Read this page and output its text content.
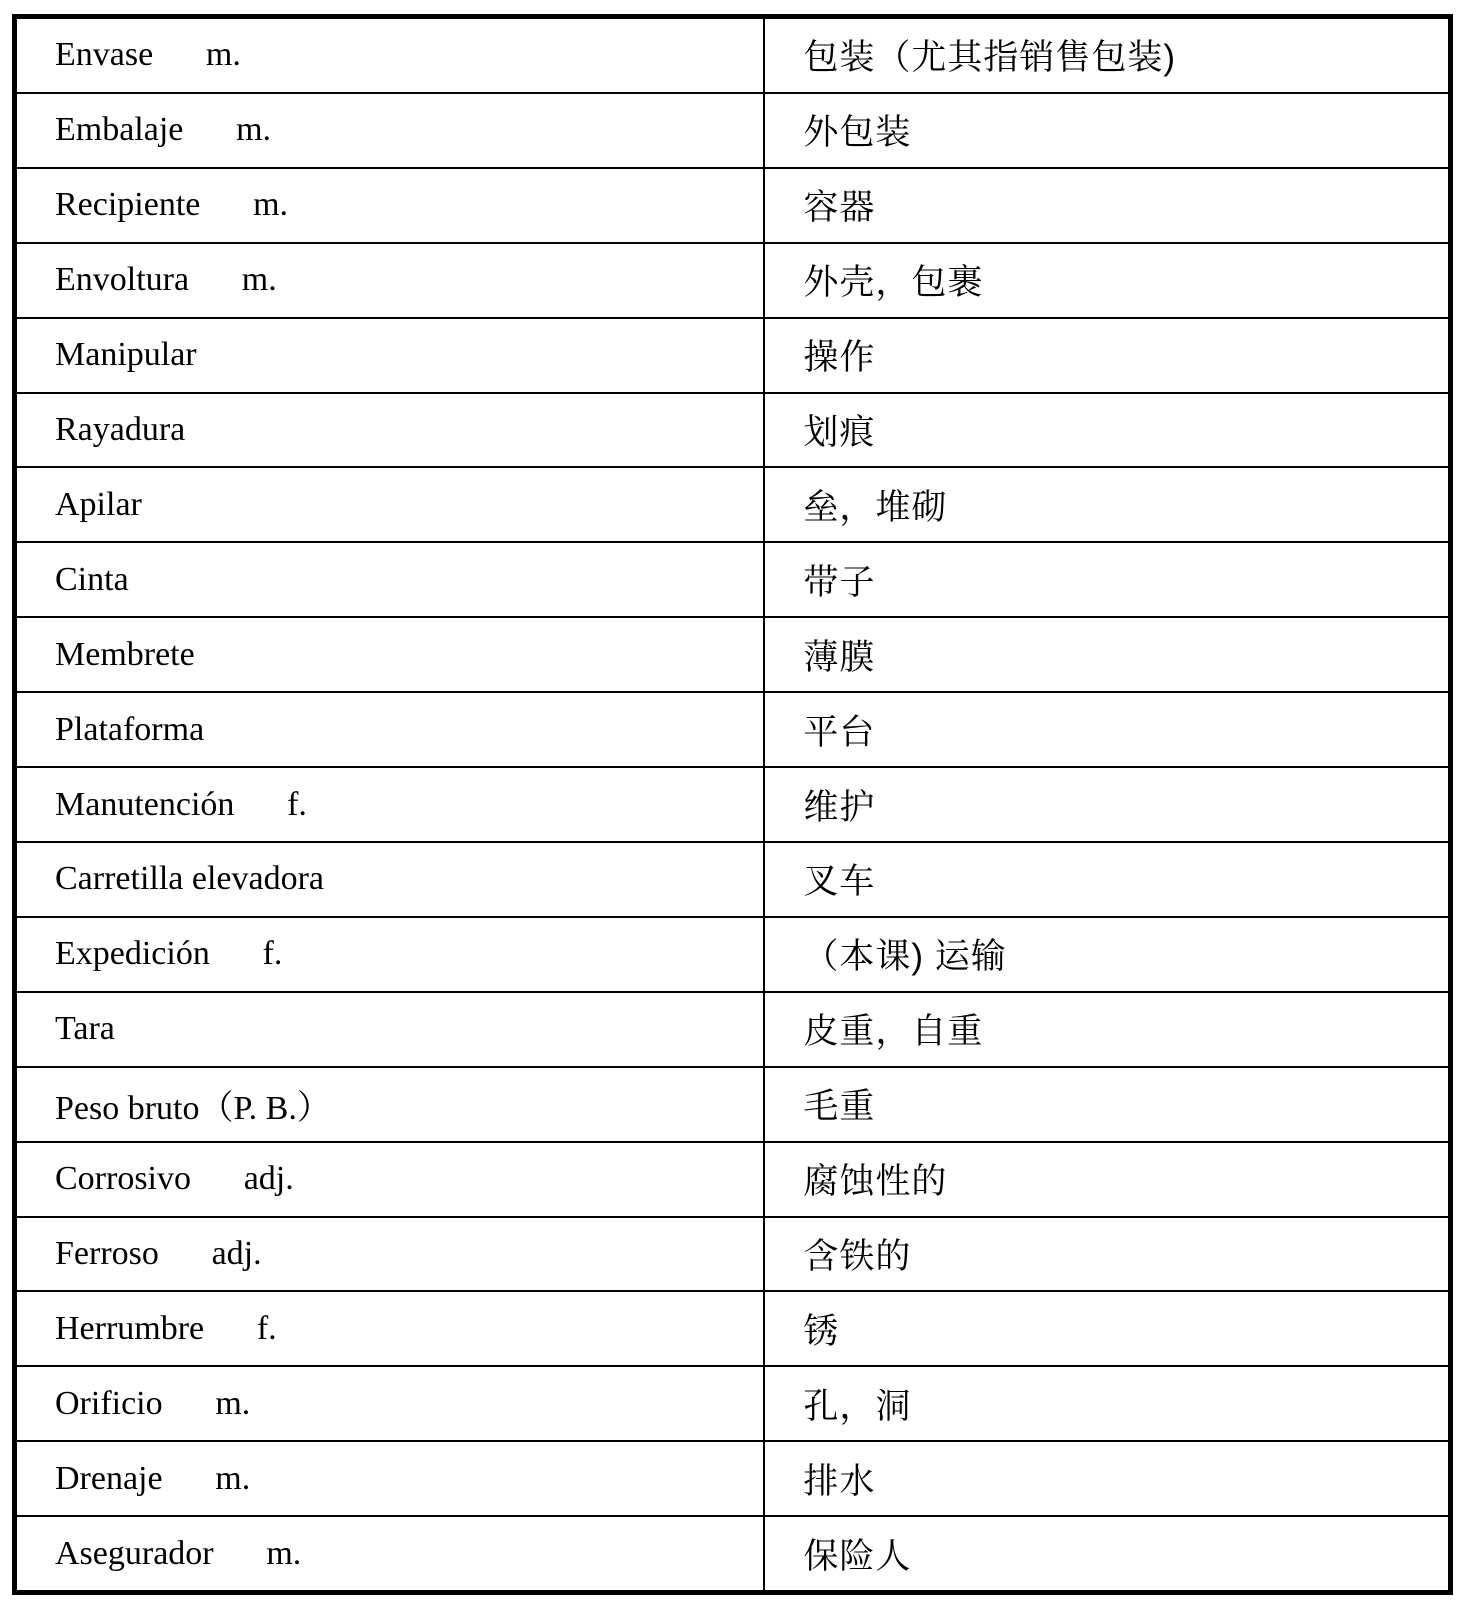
Envase m.	包装（尤其指销售包装)
Embalaje m.	外包装
Recipiente m.	容器
Envoltura m.	外壳，包裹
Manipular	操作
Rayadura	划痕
Apilar	垒，堆砌
Cinta	带子
Membrete	薄膜
Plataforma	平台
Manutención f.	维护
Carretilla elevadora	叉车
Expedición f.	（本课) 运输
Tara	皮重，自重
Peso bruto（P. B.）	毛重
Corrosivo adj.	腐蚀性的
Ferroso adj.	含铁的
Herrumbre f.	锈
Orificio m.	孔，洞
Drenaje m.	排水
Asegurador m.	保险人
